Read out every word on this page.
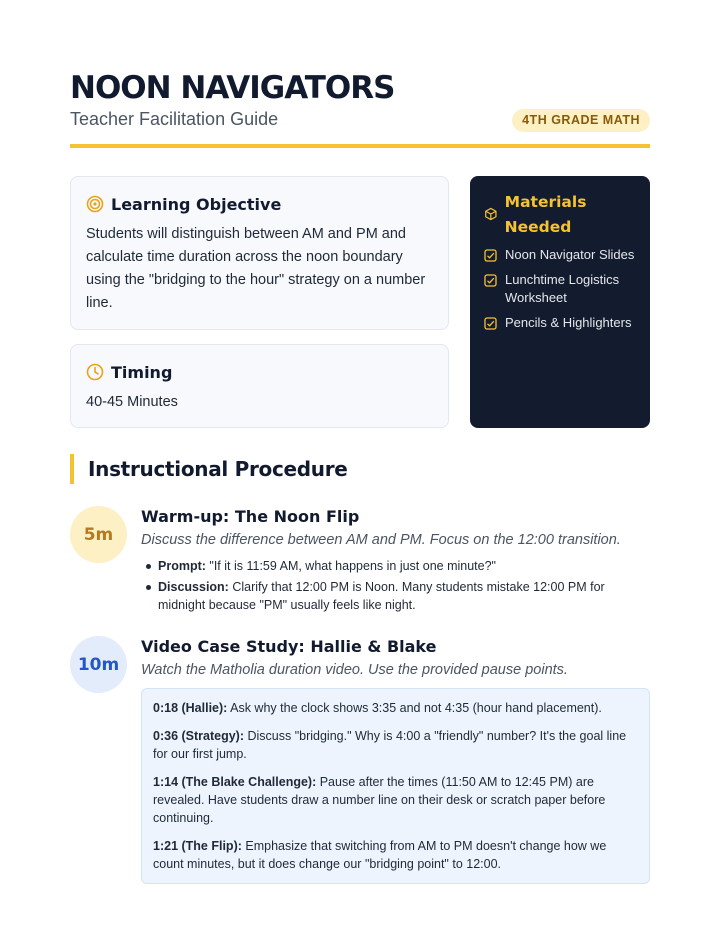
NOON NAVIGATORS
Teacher Facilitation Guide	4TH GRADE MATH
Learning Objective
Students will distinguish between AM and PM and calculate time duration across the noon boundary using the "bridging to the hour" strategy on a number line.
Timing
40-45 Minutes
Materials Needed
Noon Navigator Slides
Lunchtime Logistics Worksheet
Pencils & Highlighters
Instructional Procedure
5m
Warm-up: The Noon Flip
Discuss the difference between AM and PM. Focus on the 12:00 transition.
Prompt: "If it is 11:59 AM, what happens in just one minute?"
Discussion: Clarify that 12:00 PM is Noon. Many students mistake 12:00 PM for midnight because "PM" usually feels like night.
10m
Video Case Study: Hallie & Blake
Watch the Matholia duration video. Use the provided pause points.

0:18 (Hallie): Ask why the clock shows 3:35 and not 4:35 (hour hand placement).

0:36 (Strategy): Discuss "bridging." Why is 4:00 a "friendly" number? It's the goal line for our first jump.

1:14 (The Blake Challenge): Pause after the times (11:50 AM to 12:45 PM) are revealed. Have students draw a number line on their desk or scratch paper before continuing.

1:21 (The Flip): Emphasize that switching from AM to PM doesn't change how we count minutes, but it does change our "bridging point" to 12:00.
